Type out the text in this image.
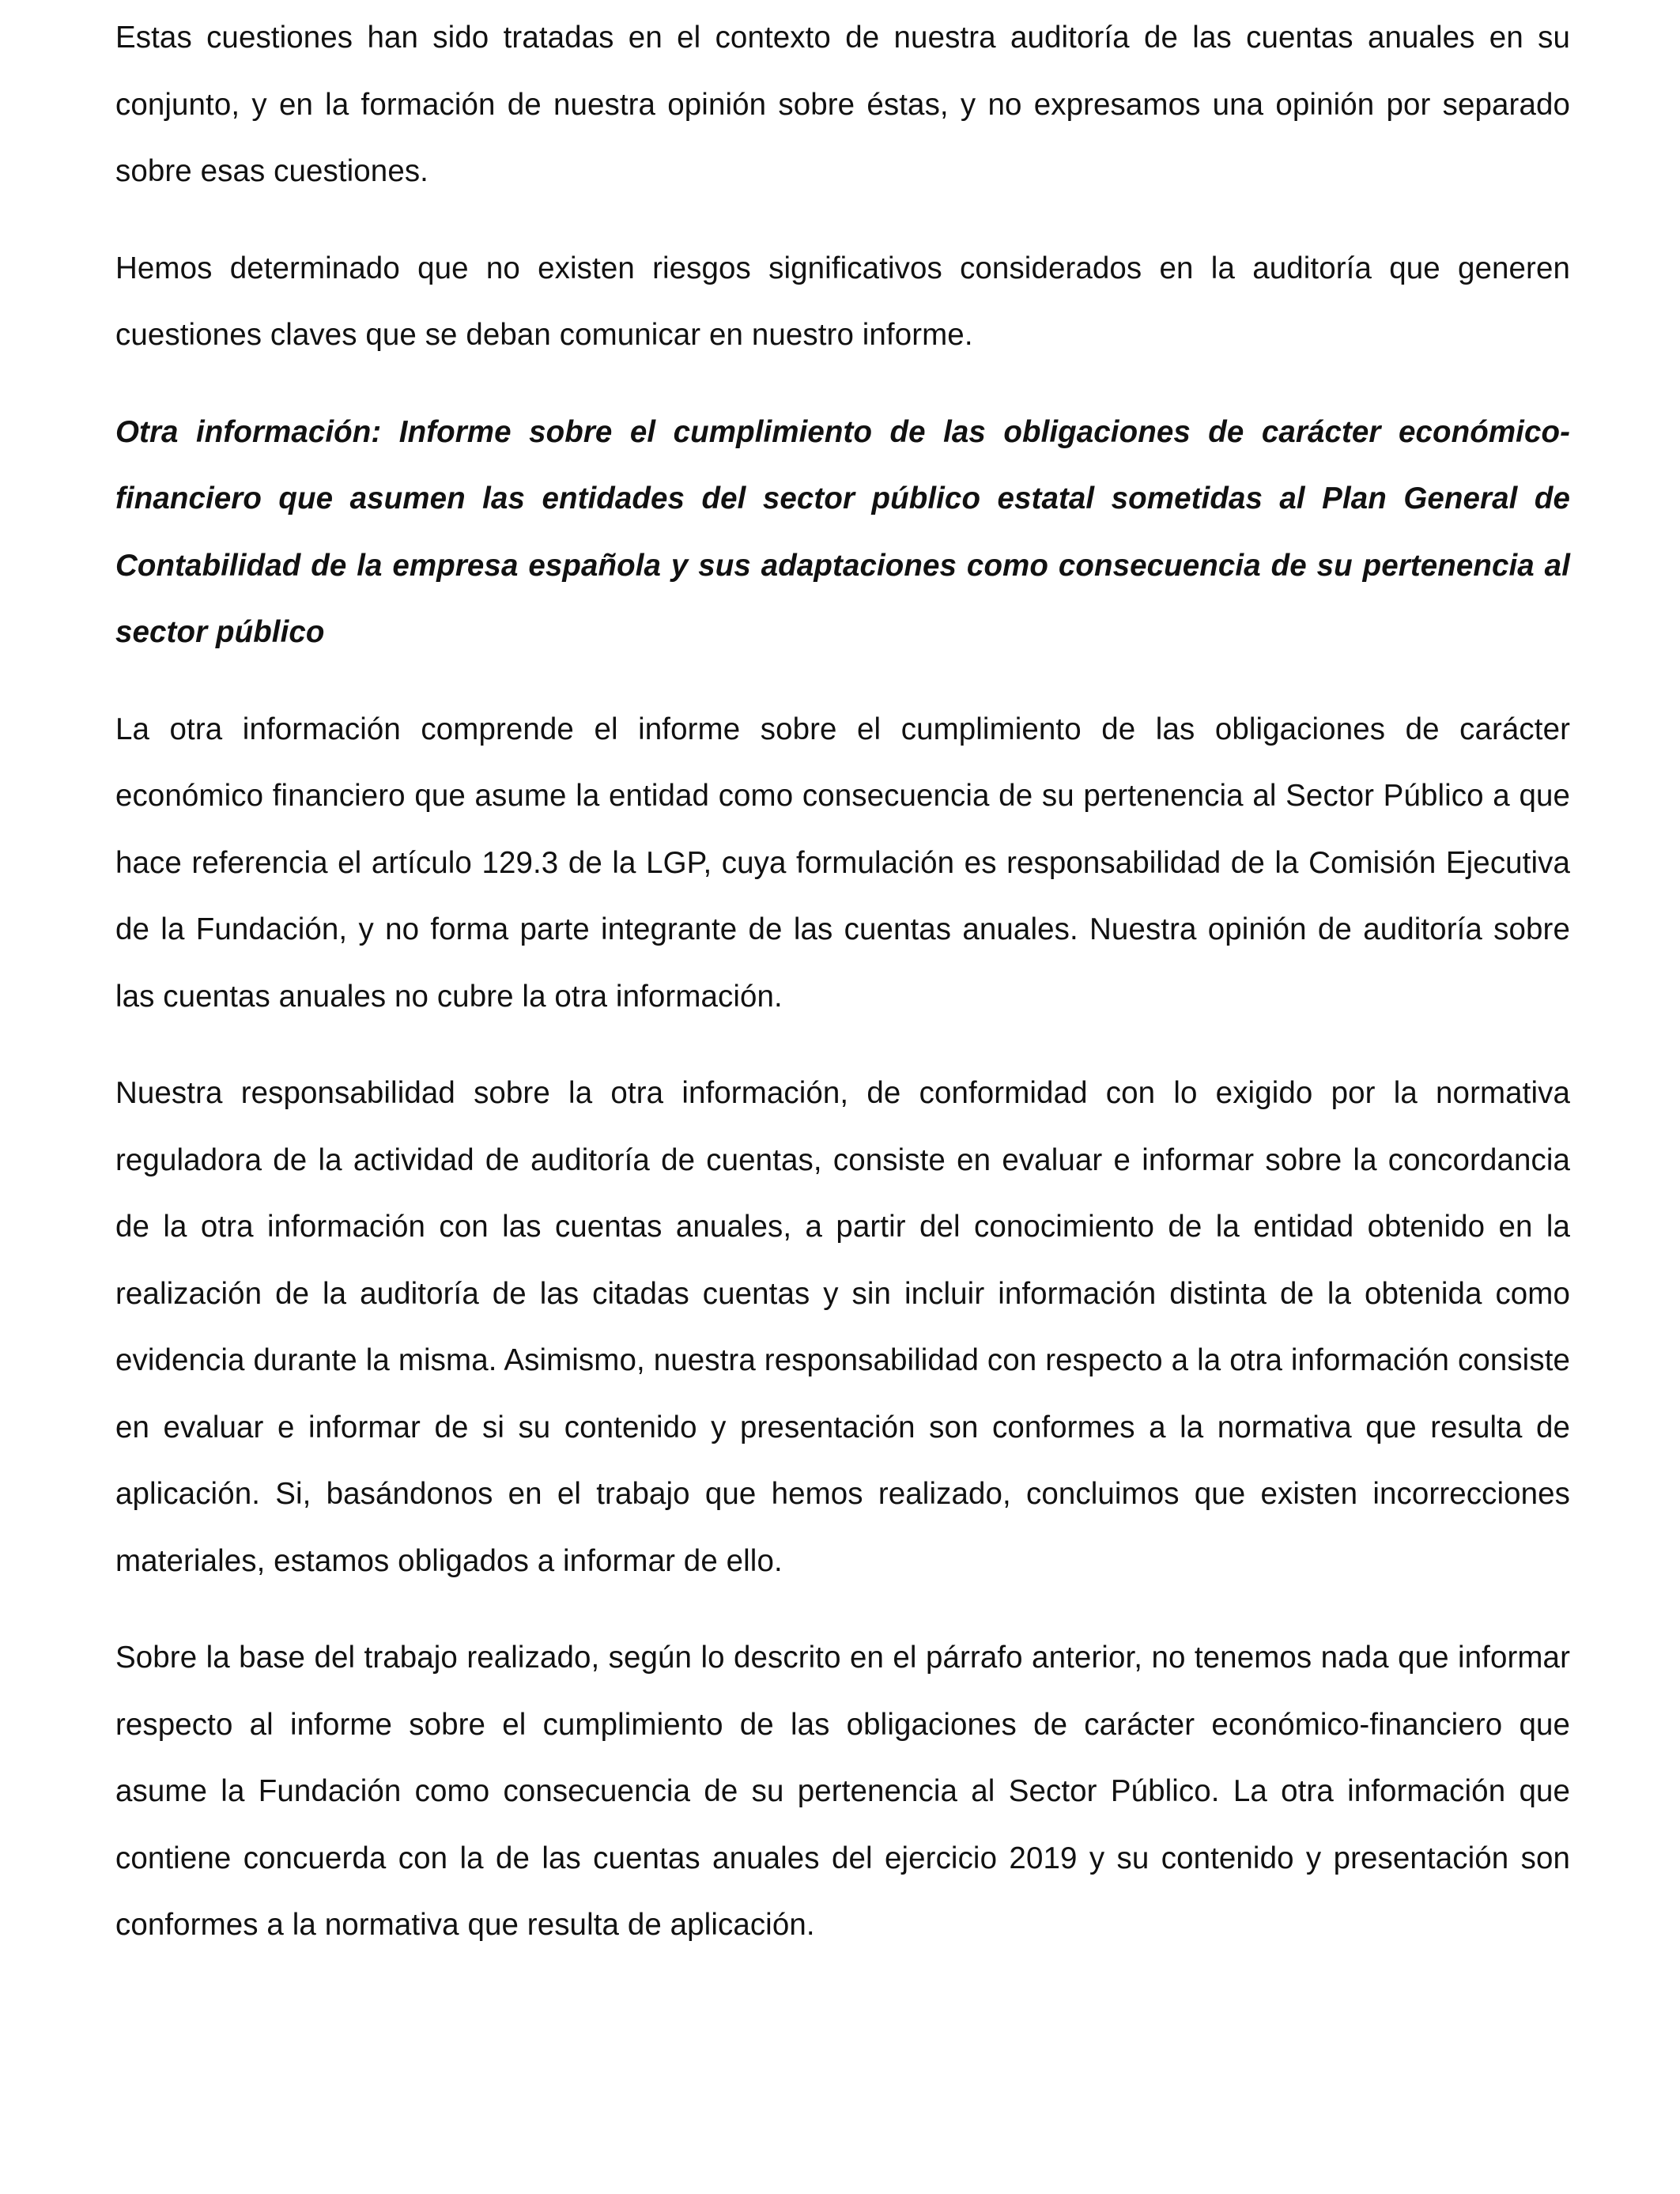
Estas cuestiones han sido tratadas en el contexto de nuestra auditoría de las cuentas anuales en su conjunto, y en la formación de nuestra opinión sobre éstas, y no expresamos una opinión por separado sobre esas cuestiones.

Hemos determinado que no existen riesgos significativos considerados en la auditoría que generen cuestiones claves que se deban comunicar en nuestro informe.

Otra información: Informe sobre el cumplimiento de las obligaciones de carácter económico-financiero que asumen las entidades del sector público estatal sometidas al Plan General de Contabilidad de la empresa española y sus adaptaciones como consecuencia de su pertenencia al sector público

La otra información comprende el informe sobre el cumplimiento de las obligaciones de carácter económico financiero que asume la entidad como consecuencia de su pertenencia al Sector Público a que hace referencia el artículo 129.3 de la LGP, cuya formulación es responsabilidad de la Comisión Ejecutiva de la Fundación, y no forma parte integrante de las cuentas anuales. Nuestra opinión de auditoría sobre las cuentas anuales no cubre la otra información.

Nuestra responsabilidad sobre la otra información, de conformidad con lo exigido por la normativa reguladora de la actividad de auditoría de cuentas, consiste en evaluar e informar sobre la concordancia de la otra información con las cuentas anuales, a partir del conocimiento de la entidad obtenido en la realización de la auditoría de las citadas cuentas y sin incluir información distinta de la obtenida como evidencia durante la misma. Asimismo, nuestra responsabilidad con respecto a la otra información consiste en evaluar e informar de si su contenido y presentación son conformes a la normativa que resulta de aplicación. Si, basándonos en el trabajo que hemos realizado, concluimos que existen incorrecciones materiales, estamos obligados a informar de ello.

Sobre la base del trabajo realizado, según lo descrito en el párrafo anterior, no tenemos nada que informar respecto al informe sobre el cumplimiento de las obligaciones de carácter económico-financiero que asume la Fundación como consecuencia de su pertenencia al Sector Público. La otra información que contiene concuerda con la de las cuentas anuales del ejercicio 2019 y su contenido y presentación son conformes a la normativa que resulta de aplicación.
